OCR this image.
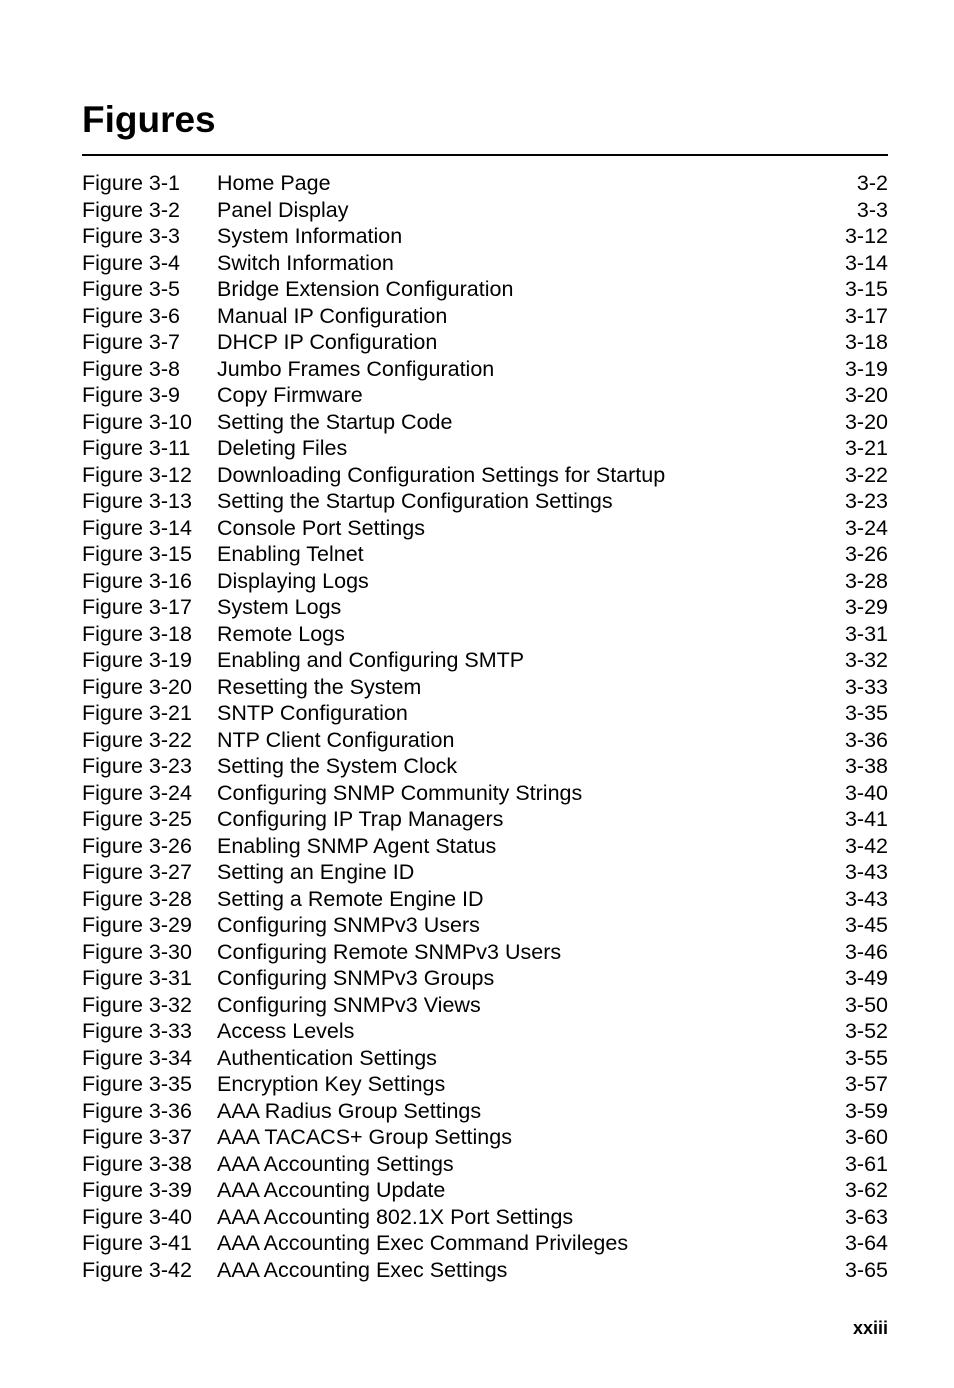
Figures
Figure 3-1 Home Page	3-2
Figure 3-2 Panel Display	3-3
Figure 3-3 System Information	3-12
Figure 3-4 Switch Information	3-14
Figure 3-5 Bridge Extension Configuration	3-15
Figure 3-6 Manual IP Configuration	3-17
Figure 3-7 DHCP IP Configuration	3-18
Figure 3-8 Jumbo Frames Configuration	3-19
Figure 3-9 Copy Firmware	3-20
Figure 3-10 Setting the Startup Code	3-20
Figure 3-11 Deleting Files	3-21
Figure 3-12 Downloading Configuration Settings for Startup	3-22
Figure 3-13 Setting the Startup Configuration Settings	3-23
Figure 3-14 Console Port Settings	3-24
Figure 3-15 Enabling Telnet	3-26
Figure 3-16 Displaying Logs	3-28
Figure 3-17 System Logs	3-29
Figure 3-18 Remote Logs	3-31
Figure 3-19 Enabling and Configuring SMTP	3-32
Figure 3-20 Resetting the System	3-33
Figure 3-21 SNTP Configuration	3-35
Figure 3-22 NTP Client Configuration	3-36
Figure 3-23 Setting the System Clock	3-38
Figure 3-24 Configuring SNMP Community Strings	3-40
Figure 3-25 Configuring IP Trap Managers	3-41
Figure 3-26 Enabling SNMP Agent Status	3-42
Figure 3-27 Setting an Engine ID	3-43
Figure 3-28 Setting a Remote Engine ID	3-43
Figure 3-29 Configuring SNMPv3 Users	3-45
Figure 3-30 Configuring Remote SNMPv3 Users	3-46
Figure 3-31 Configuring SNMPv3 Groups	3-49
Figure 3-32 Configuring SNMPv3 Views	3-50
Figure 3-33 Access Levels	3-52
Figure 3-34 Authentication Settings	3-55
Figure 3-35 Encryption Key Settings	3-57
Figure 3-36 AAA Radius Group Settings	3-59
Figure 3-37 AAA TACACS+ Group Settings	3-60
Figure 3-38 AAA Accounting Settings	3-61
Figure 3-39 AAA Accounting Update	3-62
Figure 3-40 AAA Accounting 802.1X Port Settings	3-63
Figure 3-41 AAA Accounting Exec Command Privileges	3-64
Figure 3-42 AAA Accounting Exec Settings	3-65
xxiii
